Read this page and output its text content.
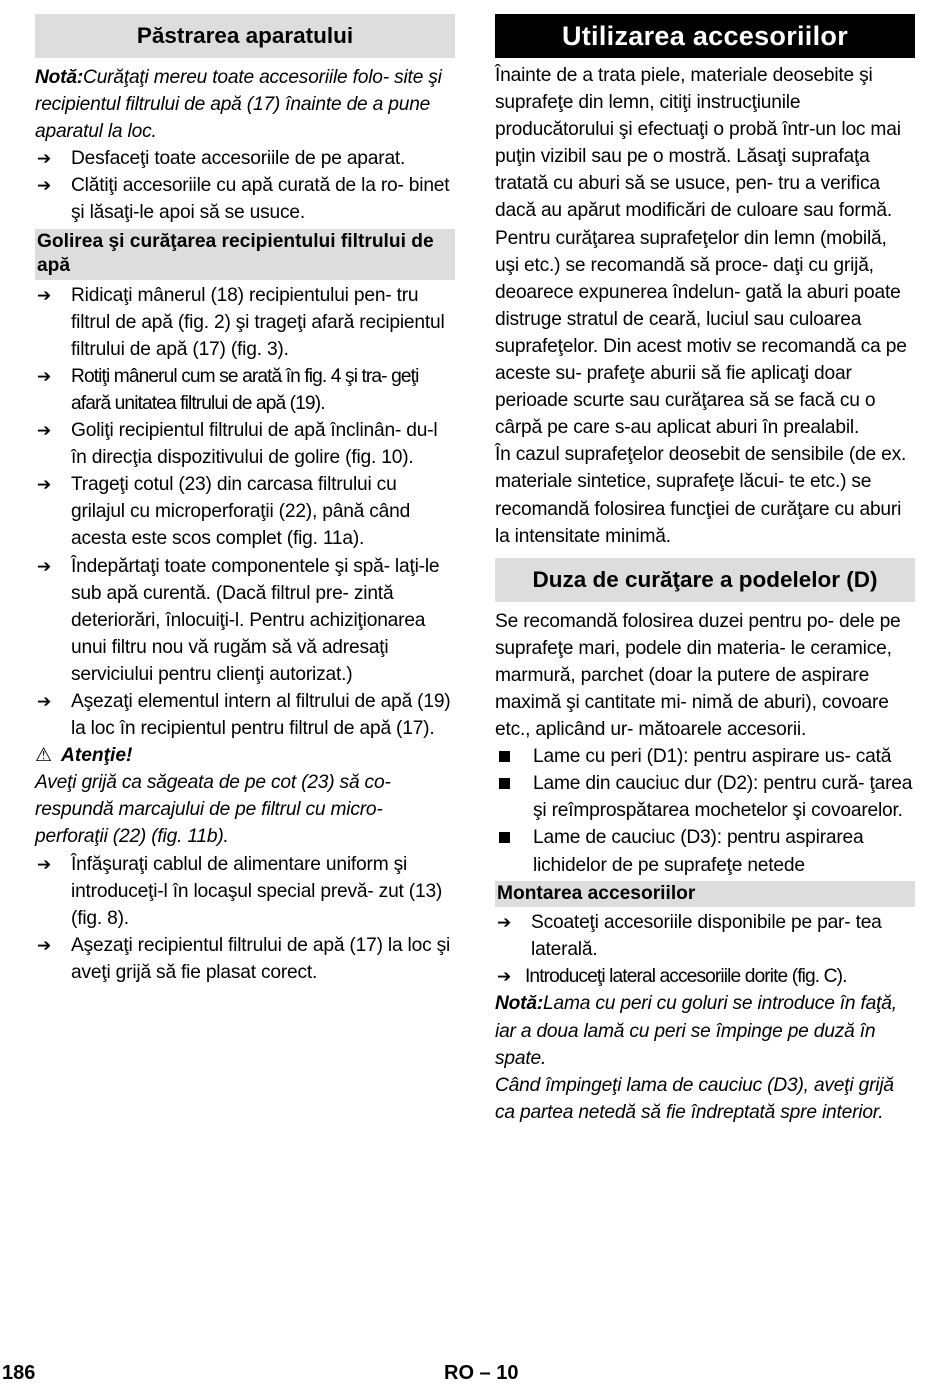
Păstrarea aparatului

Notă:Curăţaţi mereu toate accesoriile folo- site şi recipientul filtrului de apă (17) înainte de a pune aparatul la loc.

➔	Desfaceţi toate accesoriile de pe aparat.

➔	Clătiţi accesoriile cu apă curată de la ro- binet şi lăsaţi-le apoi să se usuce.

Golirea şi curăţarea recipientului filtrului de apă
➔	Ridicaţi mânerul (18) recipientului pen- tru filtrul de apă (fig. 2) şi trageţi afară recipientul filtrului de apă (17) (fig. 3).

➔	Rotiţi mânerul cum se arată în fig. 4 şi tra- geţi afară unitatea filtrului de apă (19).

➔	Goliţi recipientul filtrului de apă înclinân- du-l în direcţia dispozitivului de golire (fig. 10).

➔	Trageţi cotul (23) din carcasa filtrului cu grilajul cu microperforaţii (22), până când acesta este scos complet (fig. 11a).

➔	Îndepărtaţi toate componentele şi spă- laţi-le sub apă curentă. (Dacă filtrul pre- zintă deteriorări, înlocuiţi-l. Pentru achiziţionarea unui filtru nou vă rugăm să vă adresaţi serviciului pentru clienţi autorizat.)

➔	Aşezaţi elementul intern al filtrului de apă (19) la loc în recipientul pentru filtrul de apă (17).

⚠ Atenţie!

Aveţi grijă ca săgeata de pe cot (23) să co- respundă marcajului de pe filtrul cu micro- perforaţii (22) (fig. 11b).

➔	Înfăşuraţi cablul de alimentare uniform şi introduceţi-l în locaşul special prevă- zut (13) (fig. 8).

➔	Aşezaţi recipientul filtrului de apă (17) la loc şi aveţi grijă să fie plasat corect.

Utilizarea accesoriilor

Înainte de a trata piele, materiale deosebite şi suprafeţe din lemn, citiţi instrucţiunile producătorului şi efectuaţi o probă într-un loc mai puţin vizibil sau pe o mostră. Lăsaţi suprafaţa tratată cu aburi să se usuce, pen- tru a verifica dacă au apărut modificări de culoare sau formă.

Pentru curăţarea suprafeţelor din lemn (mobilă, uşi etc.) se recomandă să proce- daţi cu grijă, deoarece expunerea îndelun- gată la aburi poate distruge stratul de ceară, luciul sau culoarea suprafeţelor. Din acest motiv se recomandă ca pe aceste su- prafeţe aburii să fie aplicaţi doar perioade scurte sau curăţarea să se facă cu o cârpă pe care s-au aplicat aburi în prealabil.

În cazul suprafeţelor deosebit de sensibile (de ex. materiale sintetice, suprafeţe lăcui- te etc.) se recomandă folosirea funcţiei de curăţare cu aburi la intensitate minimă.

Duza de curăţare a podelelor (D)

Se recomandă folosirea duzei pentru po- dele pe suprafeţe mari, podele din materia- le ceramice, marmură, parchet (doar la putere de aspirare maximă şi cantitate mi- nimă de aburi), covoare etc., aplicând ur- mătoarele accesorii.

Lame cu peri (D1): pentru aspirare us- cată

Lame din cauciuc dur (D2): pentru cură- ţarea şi reîmprospătarea mochetelor şi covoarelor.

Lame de cauciuc (D3): pentru aspirarea lichidelor de pe suprafeţe netede

Montarea accesoriilor
➔	Scoateţi accesoriile disponibile pe par- tea laterală.

➔ Introduceţi lateral accesoriile dorite (fig. C).

Notă:Lama cu peri cu goluri se introduce în faţă, iar a doua lamă cu peri se împinge pe duză în spate.

Când împingeţi lama de cauciuc (D3), aveţi grijă ca partea netedă să fie îndreptată spre interior.

186	RO – 10
